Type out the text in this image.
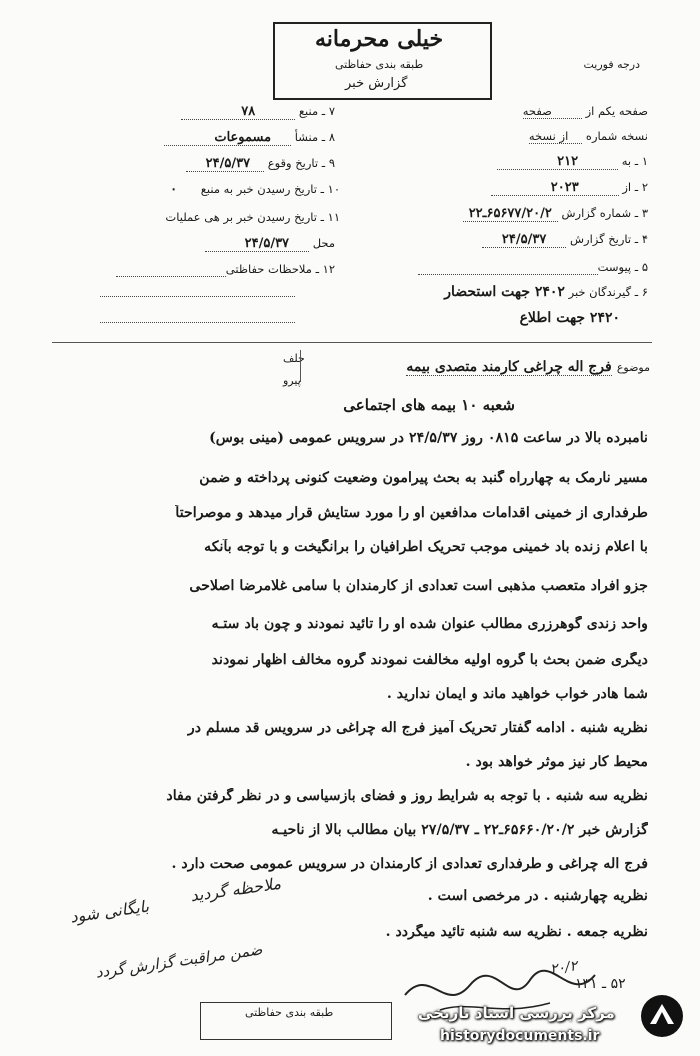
خیلی محرمانه
طبقه بندی حفاظتی
گزارش خبر
درجه فوریت
صفحه یکم از صفحه
نسخه شماره از نسخه
۱ ـ به ۲۱۲
۲ ـ از ۲۰۲۳
۳ ـ شماره گزارش ۶۵۶۷۷/۲۰/۲ـ۲۲
۴ ـ تاریخ گزارش ۲۴/۵/۳۷
۵ ـ پیوست
۶ ـ گیرندگان خبر ۲۴۰۲ جهت استحضار
۲۴۲۰ جهت اطلاع
۷ ـ منبع ۷۸
۸ ـ منشأ مسموعات
۹ ـ تاریخ وقوع ۲۴/۵/۳۷
۱۰ ـ تاریخ رسیدن خبر به منبع ۰
۱۱ ـ تاریخ رسیدن خبر بر هی عملیات
محل ۲۴/۵/۳۷
۱۲ ـ ملاحظات حفاظتی
موضوع فرج اله چراغی کارمند متصدی بیمه
حلف
پیرو
شعبه ۱۰ بیمه های اجتماعی
نامبرده بالا در ساعت ۰۸۱۵ روز ۲۴/۵/۳۷ در سرویس عمومی (مینی بوس)
مسیر نارمک به چهارراه گنبد به بحث پیرامون وضعیت کنونی پرداخته و ضمن
طرفداری از خمینی اقدامات مدافعین او را مورد ستایش قرار میدهد و موصراحتاً
با اعلام زنده باد خمینی موجب تحریک اطرافیان را برانگیخت و با توجه بآنکه
جزو افراد متعصب مذهبی است تعدادی از کارمندان با سامی غلامرضا اصلاحی
واحد زندی گوهرزری مطالب عنوان شده او را تائید نمودند و چون باد ستـه
دیگری ضمن بحث با گروه اولیه مخالفت نمودند گروه مخالف اظهار نمودند
شما هادر خواب خواهید ماند و ایمان ندارید .
نظریه شنبه . ادامه گفتار تحریک آمیز فرج اله چراغی در سرویس قد مسلم در
محیط کار نیز موثر خواهد بود .
نظریه سه شنبه . با توجه به شرایط روز و فضای بازسیاسی و در نظر گرفتن مفاد
گزارش خبر ۶۵۶۶۰/۲۰/۲ـ۲۲ ـ ۲۷/۵/۳۷ بیان مطالب بالا از ناحیـه
فرج اله چراغی و طرفداری تعدادی از کارمندان در سرویس عمومی صحت دارد .
نظریه چهارشنبه . در مرخصی است .
نظریه جمعه . نظریه سه شنبه تائید میگردد .
ملاحظه گردید
بایگانی شود
ضمن مراقبت گزارش گردد	۲۰/۲
۵۲ ـ ۱۳۱
طبقه بندی حفاظتی	مرکز بررسی اسناد تاریخی
historydocuments.ir
